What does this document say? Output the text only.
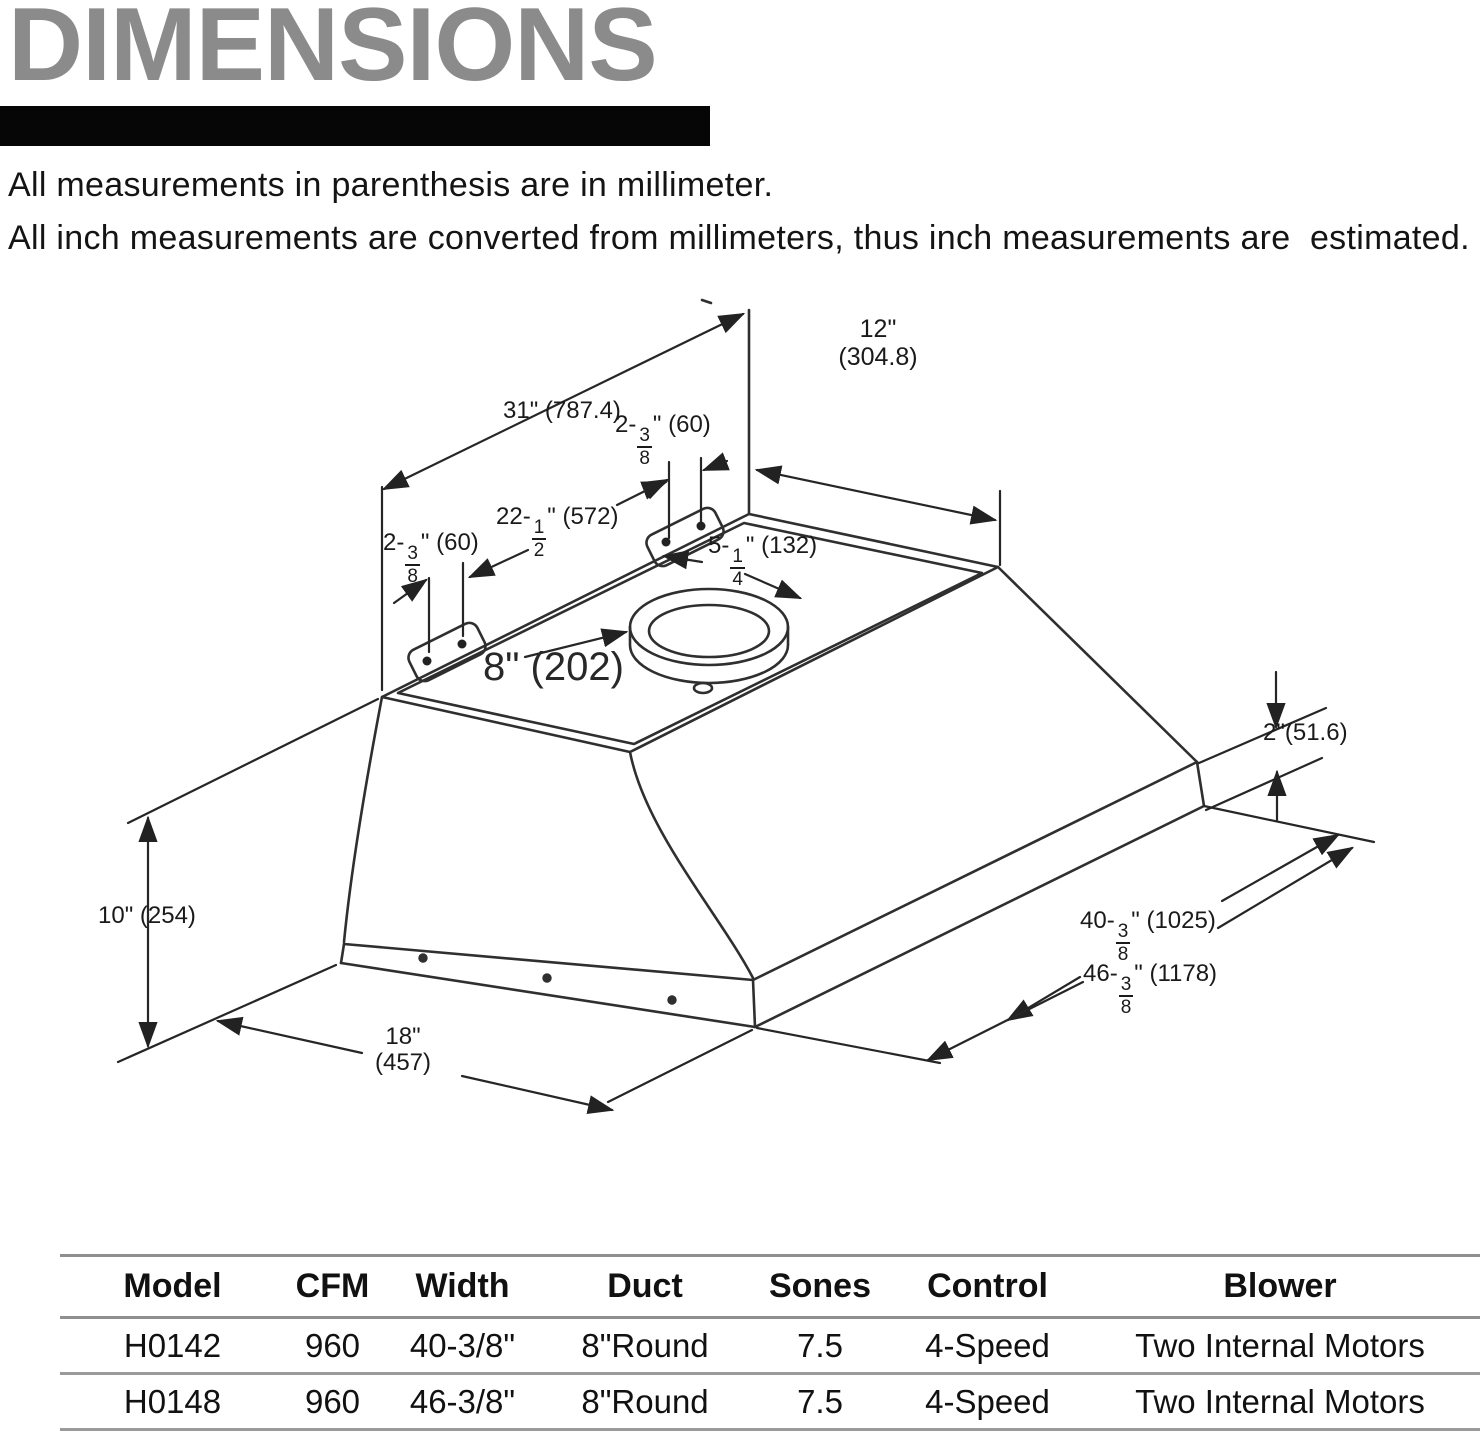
DIMENSIONS
All measurements in parenthesis are in millimeter.
All inch measurements are converted from millimeters, thus inch measurements are  estimated.
31" (787.4)
2-
$\frac{3}{8}$
" (60)
22-
$\frac{1}{2}$
" (572)
2-
$\frac{3}{8}$
" (60)	5-
$\frac{1}{4}$
" (132)
12"
(304.8)
8" (202)
2"(51.6)
10" (254)	40-
$\frac{3}{8}$
" (1025)
46-
$\frac{3}{8}$
" (1178)
18"
(457)
Model	CFM	Width	Duct	Sones	Control	Blower
H0142	960	40-3/8"	8"Round	7.5	4-Speed	Two Internal Motors
H0148	960	46-3/8"	8"Round	7.5	4-Speed	Two Internal Motors
